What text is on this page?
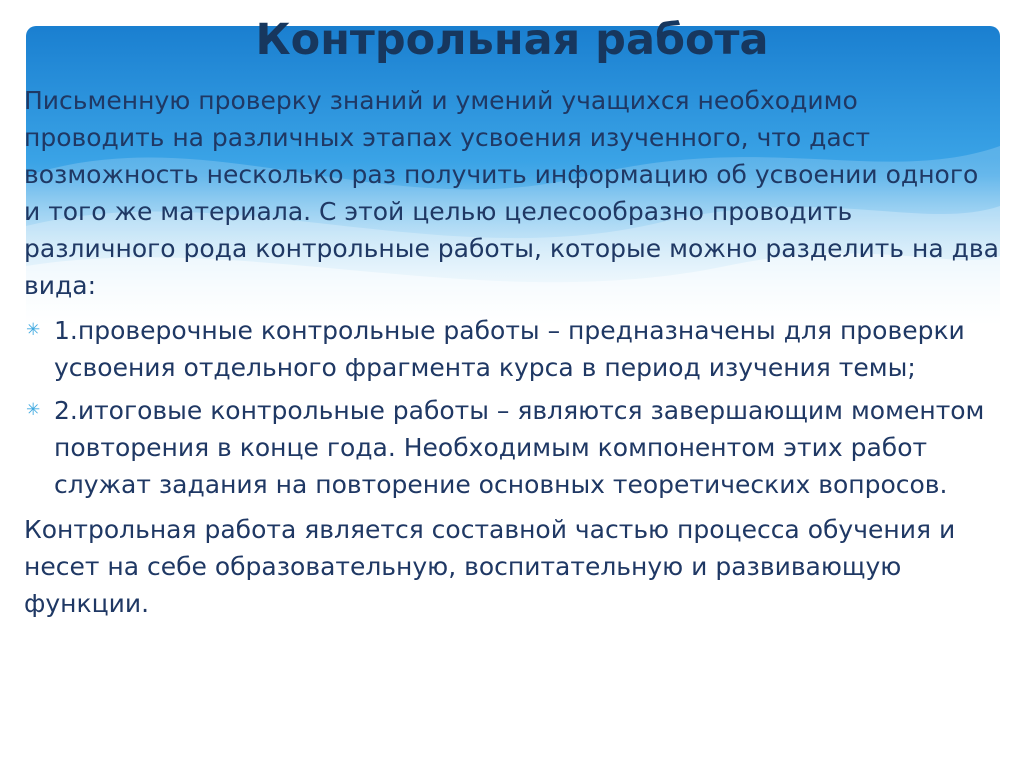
Контрольная работа

Письменную проверку знаний и умений учащихся необходимо проводить на различных этапах усвоения изученного, что даст возможность несколько раз получить информацию об усвоении одного и того же материала. С этой целью целесообразно проводить различного рода контрольные работы, которые можно разделить на два вида:

✳ 1.проверочные контрольные работы – предназначены для проверки усвоения отдельного фрагмента курса в период изучения темы;
✳ 2.итоговые контрольные работы – являются завершающим моментом повторения в конце года. Необходимым компонентом этих работ служат задания на повторение основных теоретических вопросов.

Контрольная работа является составной частью процесса обучения и несет на себе образовательную, воспитательную и развивающую функции.
